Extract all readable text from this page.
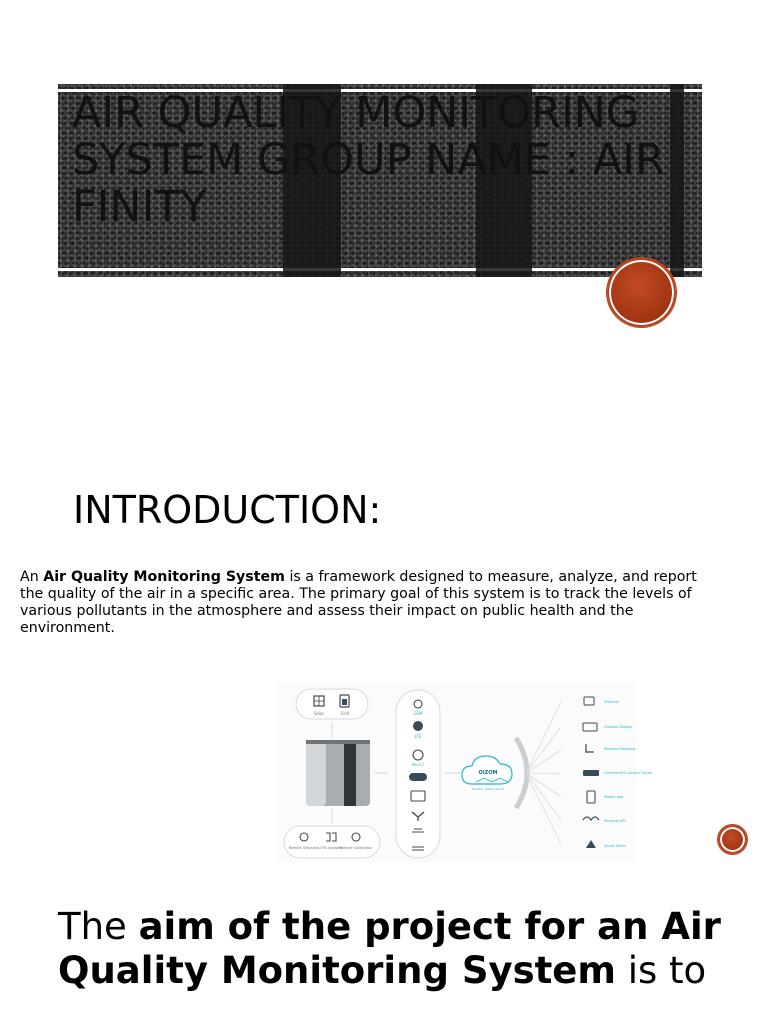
AIR QUALITY MONITORING SYSTEM GROUP NAME : AIR FINITY
INTRODUCTION:

An Air Quality Monitoring System is a framework designed to measure, analyze, and report the quality of the air in a specific area. The primary goal of this system is to track the levels of various pollutants in the atmosphere and assess their impact on public health and the environment.

Solar	Grid
Remote Diagnosis OTA Updates
Remote Calibration
GSM
LTE
NB-IOT
OIZOM
Private / Public Cloud
Terminal
Outdoor Display
Pollution Mapping
Command & Control Center
Mobile app
Personal API
Smart Alerts

The aim of the project for an Air Quality Monitoring System is to
